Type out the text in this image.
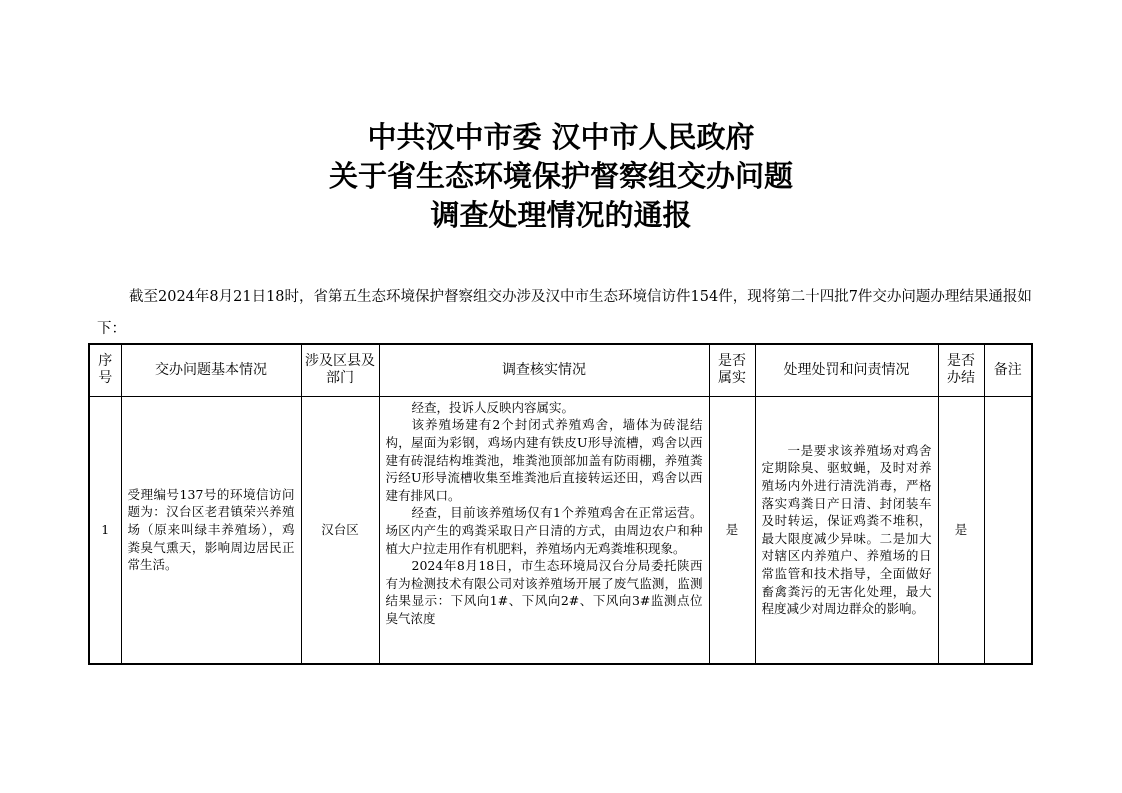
中共汉中市委 汉中市人民政府
关于省生态环境保护督察组交办问题
调查处理情况的通报

截至2024年8月21日18时，省第五生态环境保护督察组交办涉及汉中市生态环境信访件154件，现将第二十四批7件交办问题办理结果通报如下：

序号	交办问题基本情况	涉及区县及部门	调查核实情况	是否属实	处理处罚和问责情况	是否办结	备注
1	受理编号137号的环境信访问题为：汉台区老君镇荣兴养殖场（原来叫绿丰养殖场），鸡粪臭气熏天，影响周边居民正常生活。	汉台区	经查，投诉人反映内容属实。

该养殖场建有2个封闭式养殖鸡舍，墙体为砖混结构，屋面为彩钢，鸡场内建有铁皮U形导流槽，鸡舍以西建有砖混结构堆粪池，堆粪池顶部加盖有防雨棚，养殖粪污经U形导流槽收集至堆粪池后直接转运还田，鸡舍以西建有排风口。

经查，目前该养殖场仅有1个养殖鸡舍在正常运营。场区内产生的鸡粪采取日产日清的方式，由周边农户和种植大户拉走用作有机肥料，养殖场内无鸡粪堆积现象。

2024年8月18日，市生态环境局汉台分局委托陕西有为检测技术有限公司对该养殖场开展了废气监测，监测结果显示：下风向1#、下风向2#、下风向3#监测点位臭气浓度	是	一是要求该养殖场对鸡舍定期除臭、驱蚊蝇，及时对养殖场内外进行清洗消毒，严格落实鸡粪日产日清、封闭装车及时转运，保证鸡粪不堆积，最大限度减少异味。二是加大对辖区内养殖户、养殖场的日常监管和技术指导，全面做好畜禽粪污的无害化处理，最大程度减少对周边群众的影响。	是	
